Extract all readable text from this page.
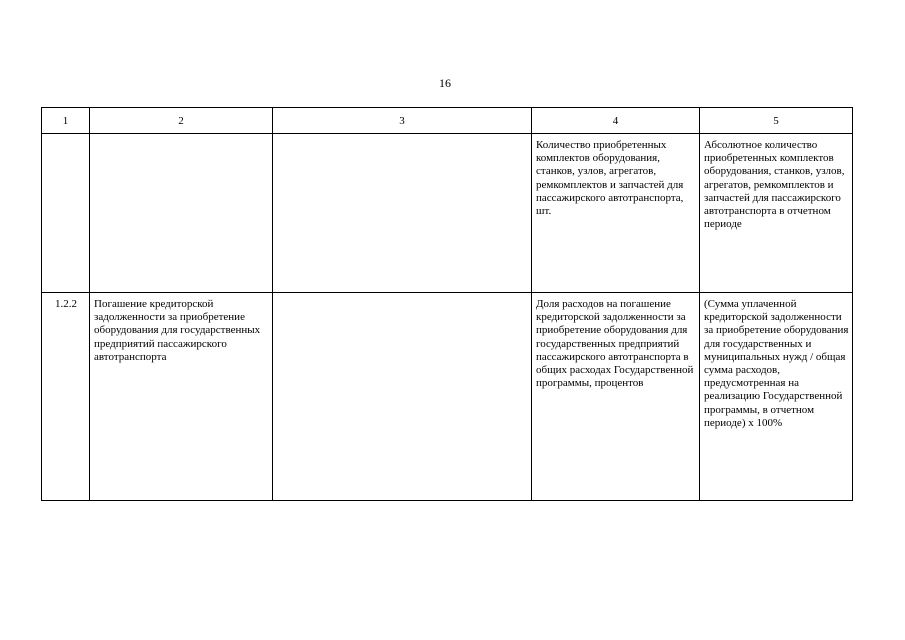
16
1	2	3	4	5
			Количество приобретенных комплектов оборудования, станков, узлов, агрегатов, ремкомплектов и запчастей для пассажирского автотранспорта, шт.	Абсолютное количество приобретенных комплектов оборудования, станков, узлов, агрегатов, ремкомплектов и запчастей для пассажирского автотранспорта в отчетном периоде
1.2.2	Погашение кредиторской задолженности за приобретение оборудования для государственных предприятий пассажирского автотранспорта		Доля расходов на погашение кредиторской задолженности за приобретение оборудования для государственных предприятий пассажирского автотранспорта в общих расходах Государственной программы, процентов	(Сумма уплаченной кредиторской задолженности за приобретение оборудования для государственных и муниципальных нужд / общая сумма расходов, предусмотренная на реализацию Государственной программы, в отчетном периоде) х 100%
